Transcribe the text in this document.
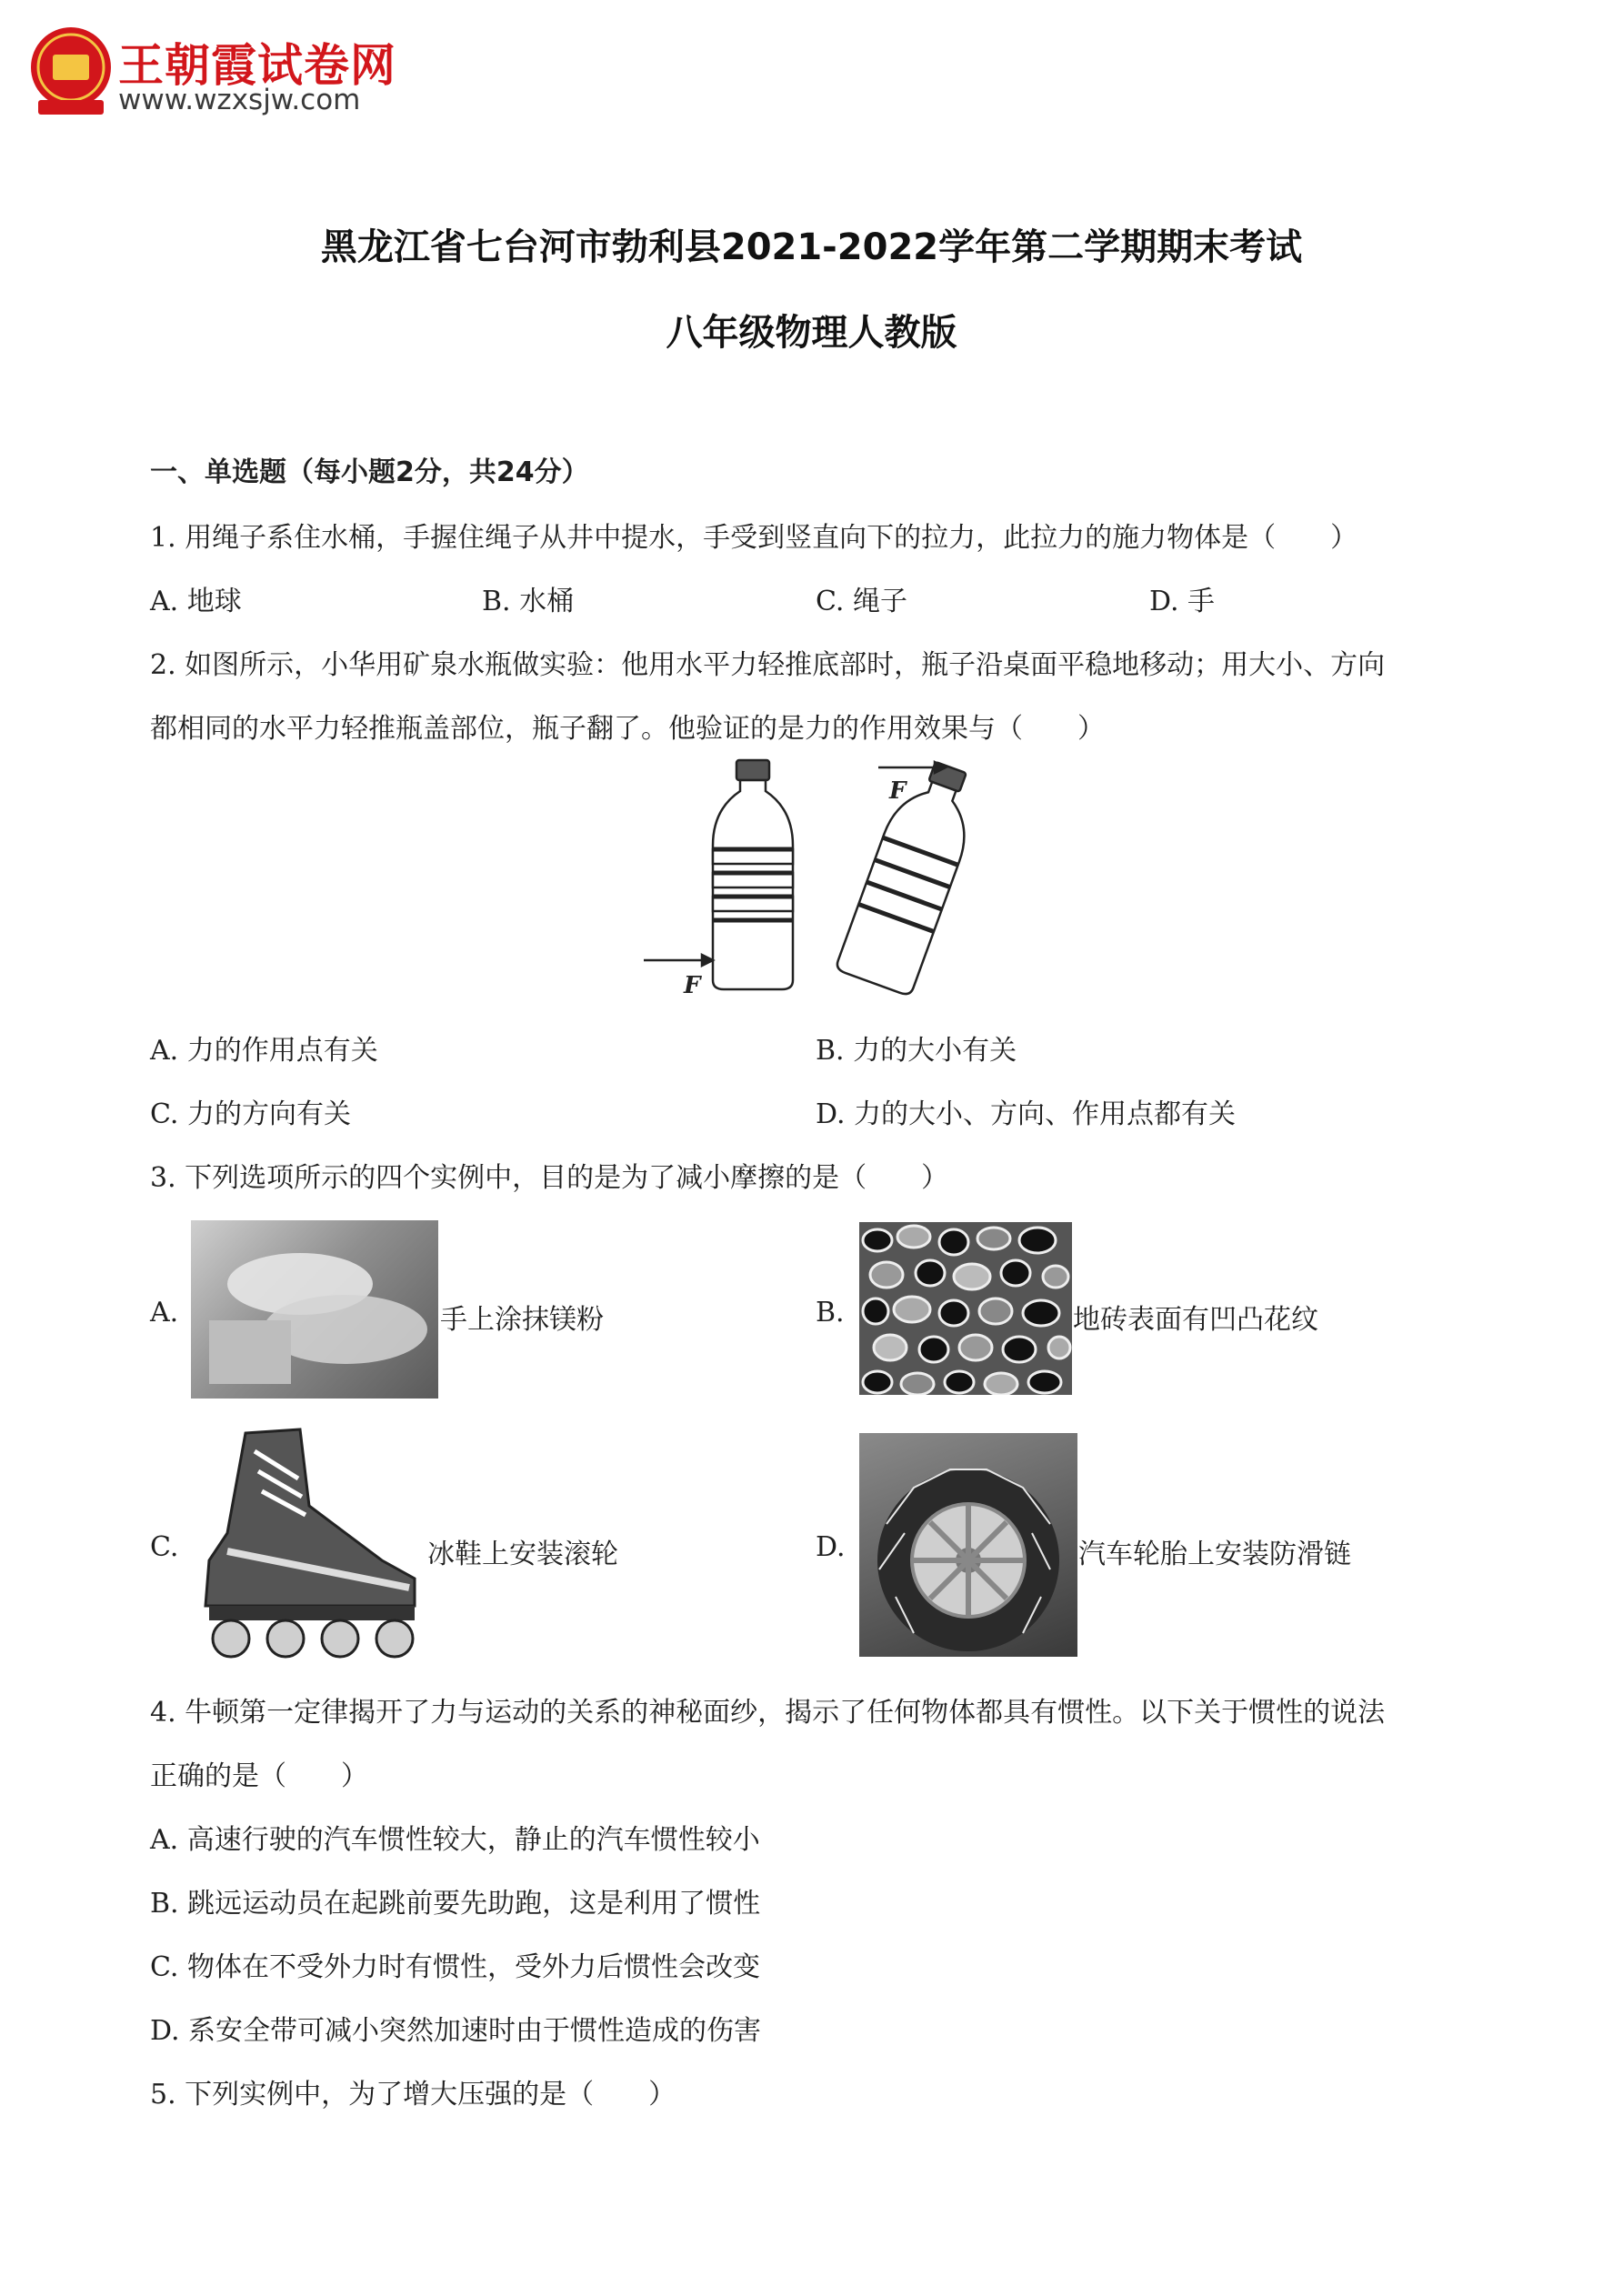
王朝霞试卷网
www.wzxsjw.com
黑龙江省七台河市勃利县2021-2022学年第二学期期末考试
八年级物理人教版
一、单选题（每小题2分，共24分）
1. 用绳子系住水桶，手握住绳子从井中提水，手受到竖直向下的拉力，此拉力的施力物体是（　　）
A. 地球	B. 水桶	C. 绳子	D. 手
2. 如图所示，小华用矿泉水瓶做实验：他用水平力轻推底部时，瓶子沿桌面平稳地移动；用大小、方向
都相同的水平力轻推瓶盖部位，瓶子翻了。他验证的是力的作用效果与（　　）
F
F
A. 力的作用点有关	B. 力的大小有关
C. 力的方向有关	D. 力的大小、方向、作用点都有关
3. 下列选项所示的四个实例中，目的是为了减小摩擦的是（　　）
A.	手上涂抹镁粉	B.	地砖表面有凹凸花纹
C.	冰鞋上安装滚轮	D.	汽车轮胎上安装防滑链
4. 牛顿第一定律揭开了力与运动的关系的神秘面纱，揭示了任何物体都具有惯性。以下关于惯性的说法
正确的是（　　）
A. 高速行驶的汽车惯性较大，静止的汽车惯性较小
B. 跳远运动员在起跳前要先助跑，这是利用了惯性
C. 物体在不受外力时有惯性，受外力后惯性会改变
D. 系安全带可减小突然加速时由于惯性造成的伤害
5. 下列实例中，为了增大压强的是（　　）
